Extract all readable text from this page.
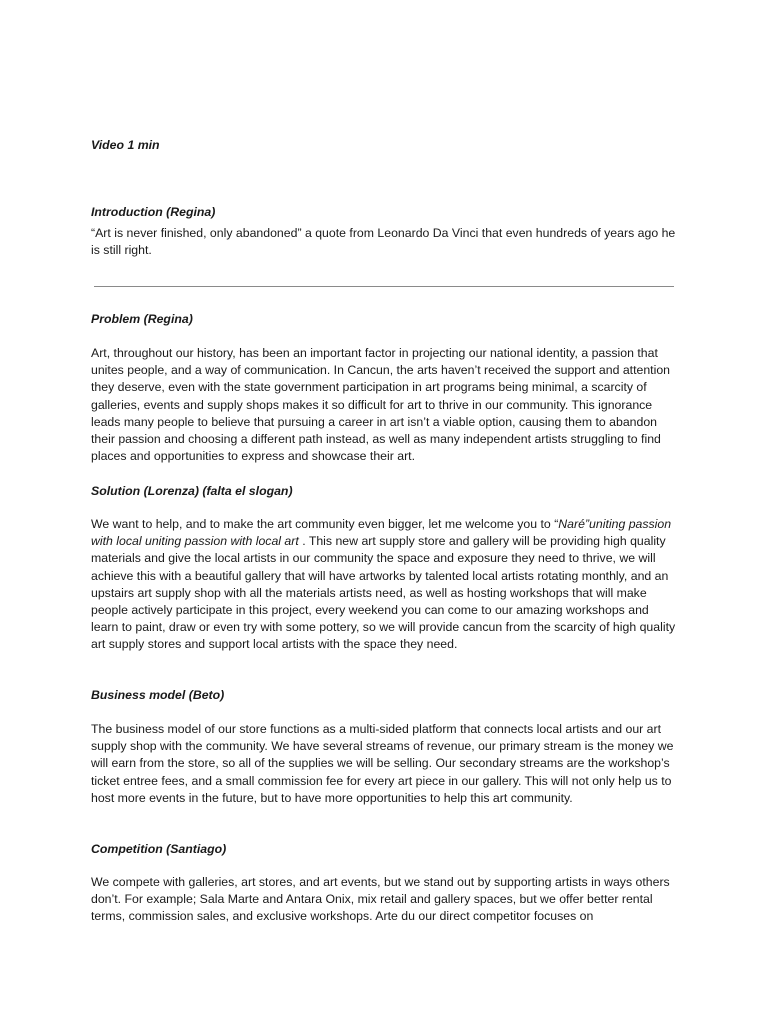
Video 1 min
Introduction (Regina)

“Art is never finished, only abandoned” a quote from Leonardo Da Vinci that even hundreds of years ago he is still right.

Problem (Regina)

Art, throughout our history, has been an important factor in projecting our national identity, a passion that unites people, and a way of communication. In Cancun, the arts haven’t received the support and attention they deserve, even with the state government participation in art programs being minimal, a scarcity of galleries, events and supply shops makes it so difficult for art to thrive in our community. This ignorance leads many people to believe that pursuing a career in art isn’t a viable option, causing them to abandon their passion and choosing a different path instead, as well as many independent artists struggling to find places and opportunities to express and showcase their art.

Solution (Lorenza) (falta el slogan)

We want to help, and to make the art community even bigger, let me welcome you to “Naré”uniting passion with local uniting passion with local art . This new art supply store and gallery will be providing high quality materials and give the local artists in our community the space and exposure they need to thrive, we will achieve this with a beautiful gallery that will have artworks by talented local artists rotating monthly, and an upstairs art supply shop with all the materials artists need, as well as hosting workshops that will make people actively participate in this project, every weekend you can come to our amazing workshops and learn to paint, draw or even try with some pottery, so we will provide cancun from the scarcity of high quality art supply stores and support local artists with the space they need.

Business model (Beto)

The business model of our store functions as a multi-sided platform that connects local artists and our art supply shop with the community. We have several streams of revenue, our primary stream is the money we will earn from the store, so all of the supplies we will be selling. Our secondary streams are the workshop’s ticket entree fees, and a small commission fee for every art piece in our gallery. This will not only help us to host more events in the future, but to have more opportunities to help this art community.

Competition (Santiago)

We compete with galleries, art stores, and art events, but we stand out by supporting artists in ways others don’t. For example; Sala Marte and Antara Onix, mix retail and gallery spaces, but we offer better rental terms, commission sales, and exclusive workshops. Arte du our direct competitor focuses on
